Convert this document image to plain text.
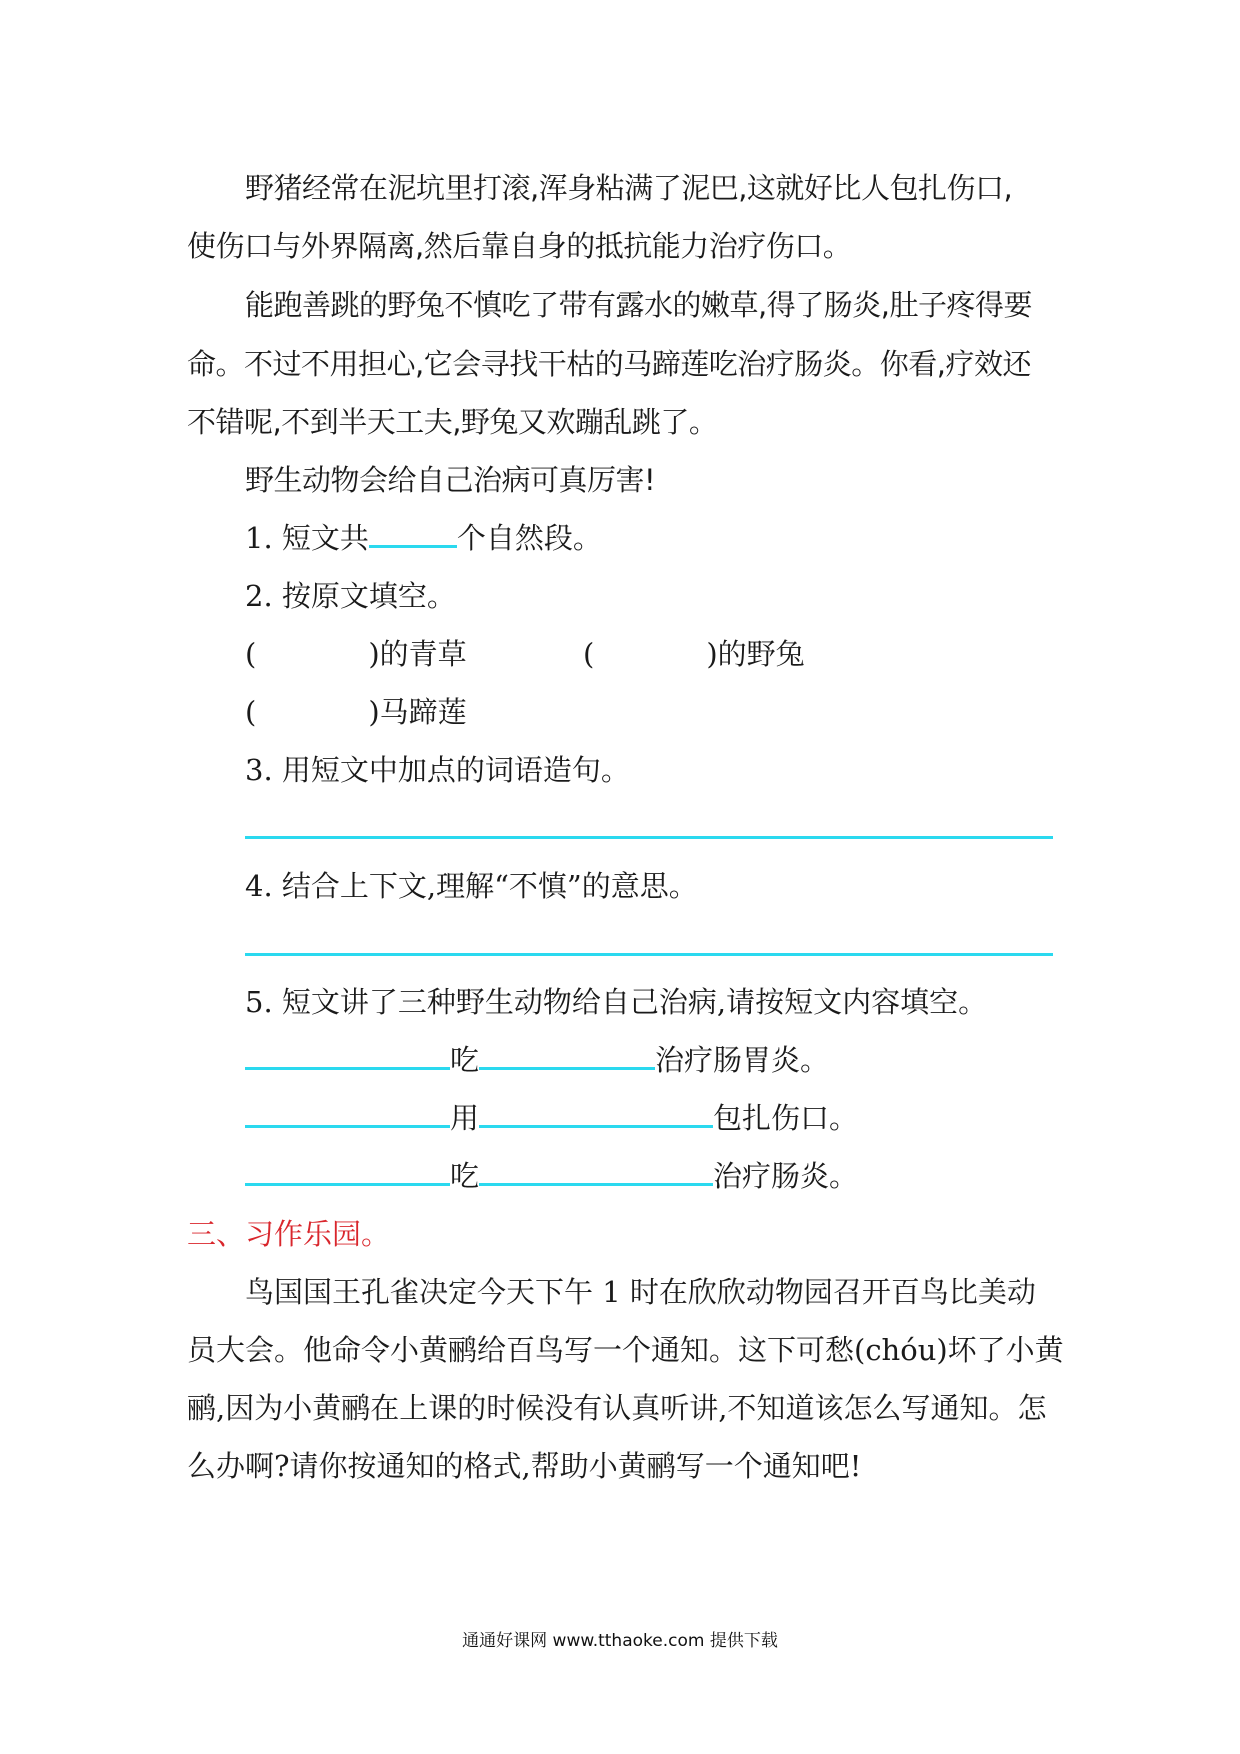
野猪经常在泥坑里打滚,浑身粘满了泥巴,这就好比人包扎伤口,
使伤口与外界隔离,然后靠自身的抵抗能力治疗伤口。
能跑善跳的野兔不慎吃了带有露水的嫩草,得了肠炎,肚子疼得要
命。不过不用担心,它会寻找干枯的马蹄莲吃治疗肠炎。你看,疗效还
不错呢,不到半天工夫,野兔又欢蹦乱跳了。
野生动物会给自己治病可真厉害!
1. 短文共	个自然段。
2. 按原文填空。
(	)的青草	(	)的野兔
(	)马蹄莲
3. 用短文中加点的词语造句。
4. 结合上下文,理解“不慎”的意思。
5. 短文讲了三种野生动物给自己治病,请按短文内容填空。
吃	治疗肠胃炎。
用	包扎伤口。
吃	治疗肠炎。
三、习作乐园。
鸟国国王孔雀决定今天下午 1 时在欣欣动物园召开百鸟比美动
员大会。他命令小黄鹂给百鸟写一个通知。这下可愁(chóu)坏了小黄
鹂,因为小黄鹂在上课的时候没有认真听讲,不知道该怎么写通知。怎
么办啊?请你按通知的格式,帮助小黄鹂写一个通知吧!
通通好课网 www.tthaoke.com 提供下载
